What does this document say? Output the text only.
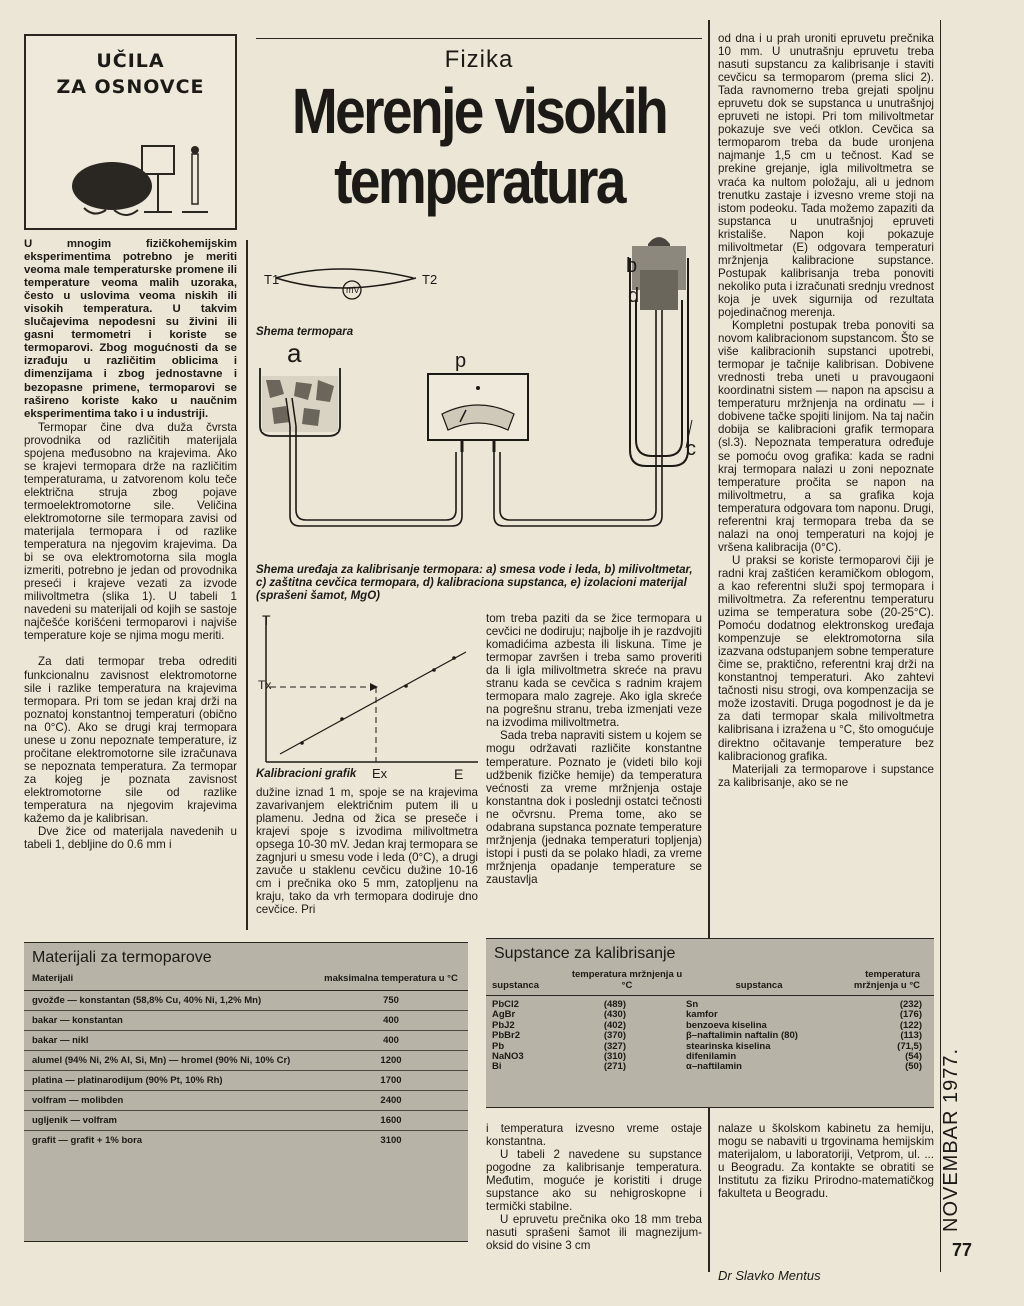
UČILA
ZA OSNOVCE
Fizika
Merenje visokih
temperatura
U mnogim fizičkohemijskim eksperimentima potrebno je meriti veoma male temperaturske promene ili temperature veoma malih uzoraka, često u uslovima veoma niskih ili visokih temperatura. U takvim slučajevima nepodesni su živini ili gasni termometri i koriste se termoparovi. Zbog mogućnosti da se izrađuju u različitim oblicima i dimenzijama i zbog jednostavne i bezopasne primene, termoparovi se rašireno koriste kako u naučnim eksperimentima tako i u industriji.

Termopar čine dva duža čvrsta provodnika od različitih materijala spojena međusobno na krajevima. Ako se krajevi termopara drže na različitim temperaturama, u zatvorenom kolu teče električna struja zbog pojave termoelektromotorne sile. Veličina elektromotorne sile termopara zavisi od materijala termopara i od razlike temperatura na njegovim krajevima. Da bi se ova elektromotorna sila mogla izmeriti, potrebno je jedan od provodnika preseći i krajeve vezati za izvode milivoltmetra (slika 1). U tabeli 1 navedeni su materijali od kojih se sastoje najčešće korišćeni termoparovi i najviše temperature koje se njima mogu meriti.

Za dati termopar treba odrediti funkcionalnu zavisnost elektromotorne sile i razlike temperatura na krajevima termopara. Pri tom se jedan kraj drži na poznatoj konstantnoj temperaturi (obično na 0°C). Ako se drugi kraj termopara unese u zonu nepoznate temperature, iz pročitane elektromotorne sile izračunava se nepoznata temperatura. Za termopar za kojeg je poznata zavisnost elektromotorne sile od razlike temperatura na njegovim krajevima kažemo da je kalibrisan.

Dve žice od materijala navedenih u tabeli 1, debljine do 0.6 mm i

T1	T2
mV
Shema termopara
a	p
b
d
c
Shema uređaja za kalibrisanje termopara: a) smesa vode i leda, b) milivoltmetar, c) zaštitna cevčica termopara, d) kalibraciona supstanca, e) izolacioni materijal (sprašeni šamot, MgO)
T
Tx
Kalibracioni grafik Ex	E
dužine iznad 1 m, spoje se na krajevima zavarivanjem električnim putem ili u plamenu. Jedna od žica se preseče i krajevi spoje s izvodima milivoltmetra opsega 10-30 mV. Jedan kraj termopara se zagnjuri u smesu vode i leda (0°C), a drugi zavuče u staklenu cevčicu dužine 10-16 cm i prečnika oko 5 mm, zatopljenu na kraju, tako da vrh termopara dodiruje dno cevčice. Pri
tom treba paziti da se žice termopara u cevčici ne dodiruju; najbolje ih je razdvojiti komadićima azbesta ili liskuna. Time je termopar završen i treba samo proveriti da li igla milivoltmetra skreće na pravu stranu kada se cevčica s radnim krajem termopara malo zagreje. Ako igla skreće na pogrešnu stranu, treba izmenjati veze na izvodima milivoltmetra.

Sada treba napraviti sistem u kojem se mogu održavati različite konstantne temperature. Poznato je (videti bilo koji udžbenik fizičke hemije) da temperatura većnosti za vreme mržnjenja ostaje konstantna dok i poslednji ostatci tečnosti ne očvrsnu. Prema tome, ako se odabrana supstanca poznate temperature mržnjenja (jednaka temperaturi topljenja) istopi i pusti da se polako hladi, za vreme mržnjenja opadanje temperature se zaustavlja

od dna i u prah uroniti epruvetu prečnika 10 mm. U unutrašnju epruvetu treba nasuti supstancu za kalibrisanje i staviti cevčicu sa termoparom (prema slici 2). Tada ravnomerno treba grejati spoljnu epruvetu dok se supstanca u unutrašnjoj epruveti ne istopi. Pri tom milivoltmetar pokazuje sve veći otklon. Cevčica sa termoparom treba da bude uronjena najmanje 1,5 cm u tečnost. Kad se prekine grejanje, igla milivoltmetra se vraća ka nultom položaju, ali u jednom trenutku zastaje i izvesno vreme stoji na istom podeoku. Tada možemo zapaziti da supstanca u unutrašnjoj epruveti kristališe. Napon koji pokazuje milivoltmetar (E) odgovara temperaturi mržnjenja kalibracione supstance. Postupak kalibrisanja treba ponoviti nekoliko puta i izračunati srednju vrednost koja je uvek sigurnija od rezultata pojedinačnog merenja.

Kompletni postupak treba ponoviti sa novom kalibracionom supstancom. Što se više kalibracionih supstanci upotrebi, termopar je tačnije kalibrisan. Dobivene vrednosti treba uneti u pravougaoni koordinatni sistem — napon na apscisu a temperaturu mržnjenja na ordinatu — i dobivene tačke spojiti linijom. Na taj način dobija se kalibracioni grafik termopara (sl.3). Nepoznata temperatura određuje se pomoću ovog grafika: kada se radni kraj termopara nalazi u zoni nepoznate temperature pročita se napon na milivoltmetru, a sa grafika koja temperatura odgovara tom naponu. Drugi, referentni kraj termopara treba da se nalazi na onoj temperaturi na kojoj je vršena kalibracija (0°C).

U praksi se koriste termoparovi čiji je radni kraj zaštićen keramičkom oblogom, a kao referentni služi spoj termopara i milivoltmetra. Za referentnu temperaturu uzima se temperatura sobe (20-25°C). Pomoću dodatnog elektronskog uređaja kompenzuje se elektromotorna sila izazvana odstupanjem sobne temperature čime se, praktično, referentni kraj drži na konstantnoj temperaturi. Ako zahtevi tačnosti nisu strogi, ova kompenzacija se može izostaviti. Druga pogodnost je da je za dati termopar skala milivoltmetra kalibrisana i izražena u °C, što omogućuje direktno očitavanje temperature bez kalibracionog grafika.

Materijali za termoparove i supstance za kalibrisanje, ako se ne

Materijali za termoparove
Materijali	maksimalna temperatura u °C
gvožđe — konstantan (58,8% Cu, 40% Ni, 1,2% Mn)	750
bakar — konstantan	400
bakar — nikl	400
alumel (94% Ni, 2% Al, Si, Mn) — hromel (90% Ni, 10% Cr)	1200
platina — platinarodijum (90% Pt, 10% Rh)	1700
volfram — molibden	2400
ugljenik — volfram	1600
grafit — grafit + 1% bora	3100
Supstance za kalibrisanje
supstanca
temperatura mržnjenja u °C	supstanca
temperatura mržnjenja u °C
PbCl2	(489)
AgBr	(430)
PbJ2	(402)
PbBr2	(370)
Pb	(327)
NaNO3	(310)
Bi	(271)
Sn	(232)
kamfor	(176)
benzoeva kiselina	(122)
β–naftalimin naftalin (80)	(113)
stearinska kiselina	(71,5)
difenilamin	(54)
α–naftilamin	(50)
i temperatura izvesno vreme ostaje konstantna.

U tabeli 2 navedene su supstance pogodne za kalibrisanje temperatura. Međutim, moguće je koristiti i druge supstance ako su nehigroskopne i termički stabilne.

U epruvetu prečnika oko 18 mm treba nasuti sprašeni šamot ili magnezijum-oksid do visine 3 cm

nalaze u školskom kabinetu za hemiju, mogu se nabaviti u trgovinama hemijskim materijalom, u laboratoriji, Vetprom, ul. ... u Beogradu. Za kontakte se obratiti se Institutu za fiziku Prirodno-matematičkog fakulteta u Beogradu.
Dr Slavko Mentus
NOVEMBAR 1977.
77
